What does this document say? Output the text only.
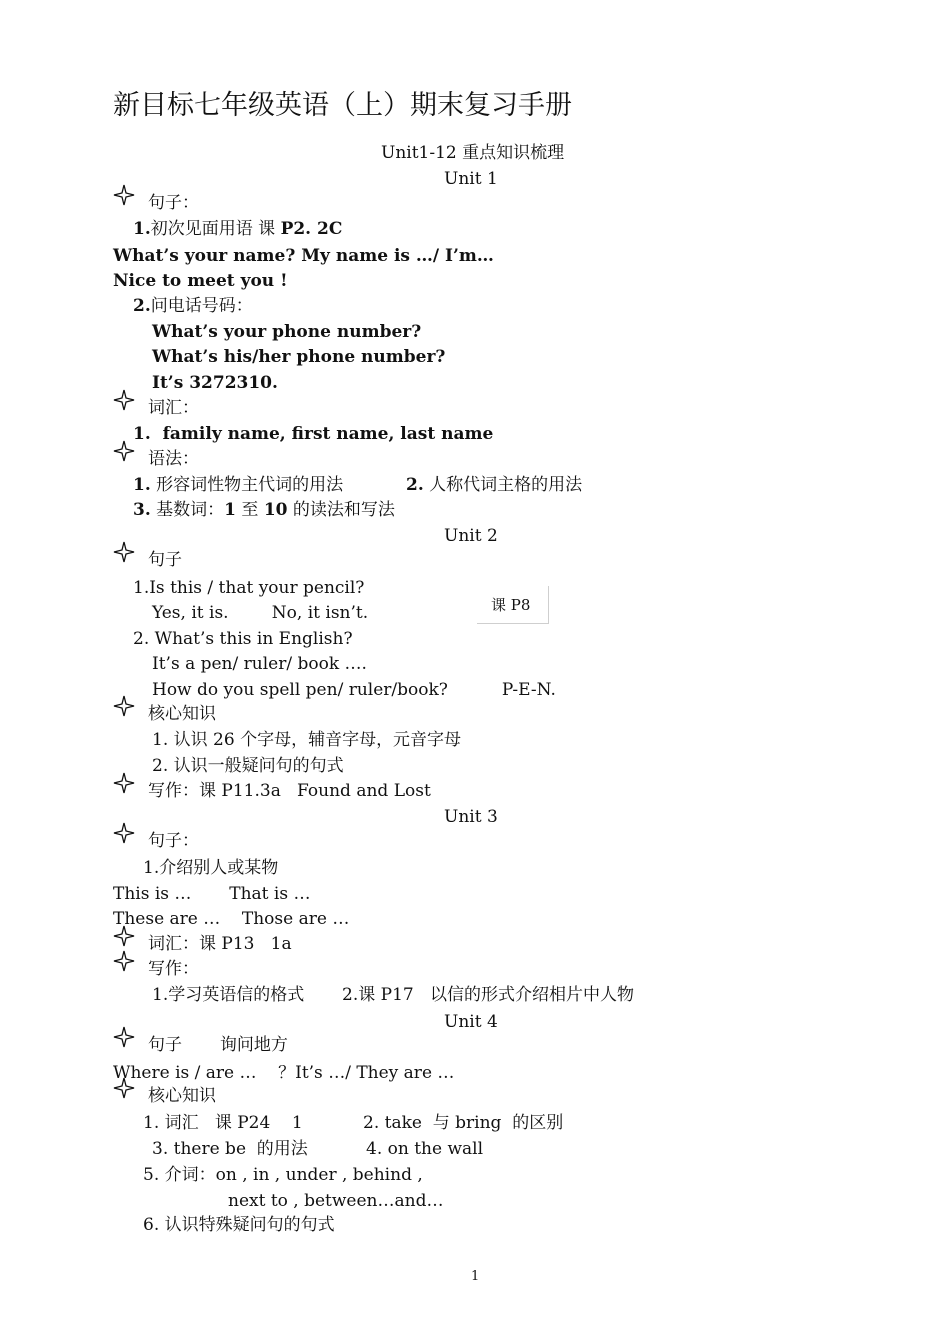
新目标七年级英语（上）期末复习手册
Unit1-12 重点知识梳理
Unit 1
句子：
1.初次见面用语 课 P2. 2C
What’s your name? My name is …/ I’m…
Nice to meet you !
2.问电话号码：
What’s your phone number?
What’s his/her phone number?
It’s 3272310.
词汇：
1.  family name, first name, last name
语法：
1. 形容词性物主代词的用法	2. 人称代词主格的用法
3. 基数词：1 至 10 的读法和写法
Unit 2
句子
1.Is this / that your pencil?
Yes, it is.        No, it isn’t.	课 P8
2. What’s this in English?
It’s a pen/ ruler/ book ….
How do you spell pen/ ruler/book?          P-E-N.
核心知识
1. 认识 26 个字母，辅音字母，元音字母
2. 认识一般疑问句的句式
写作：课 P11.3a   Found and Lost
Unit 3
句子：
1.介绍别人或某物
This is …       That is …
These are …    Those are …
词汇：课 P13   1a
写作：
1.学习英语信的格式       2.课 P17   以信的形式介绍相片中人物
Unit 4
句子       询问地方
Where is / are …    ？It’s …/ They are …
核心知识
1. 词汇   课 P24    1	2. take  与 bring  的区别
3. there be  的用法	4. on the wall
5. 介词：on , in , under , behind ,
next to , between…and…
6. 认识特殊疑问句的句式
1
